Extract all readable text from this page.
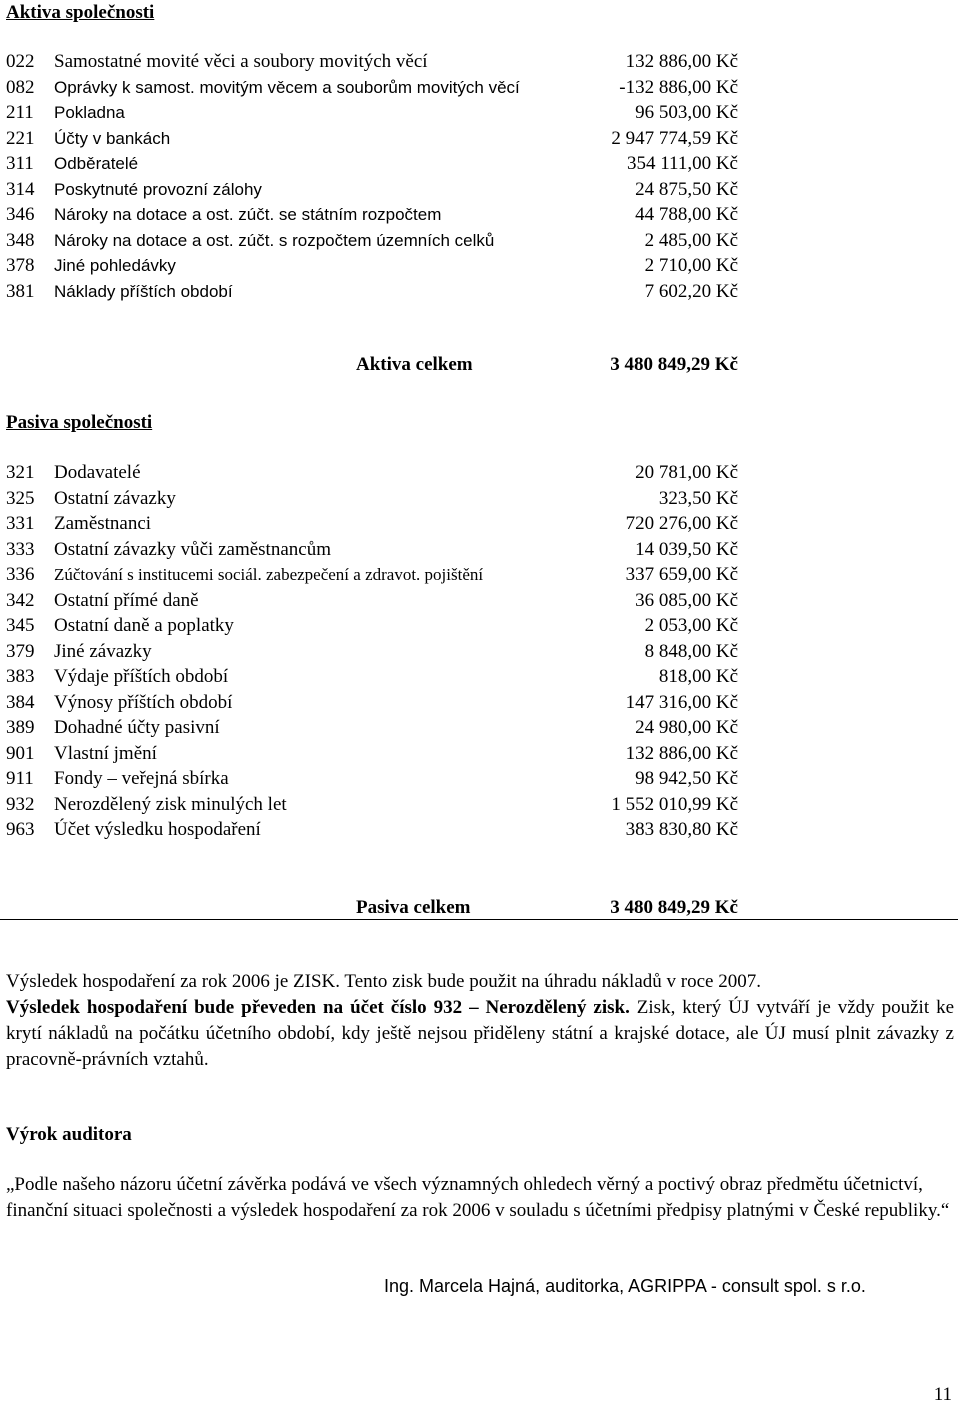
Aktiva společnosti
022 Samostatné movité věci a soubory movitých věcí	132 886,00 Kč
082 Oprávky k samost. movitým věcem a souborům movitých věcí	-132 886,00 Kč
211 Pokladna	96 503,00 Kč
221 Účty v bankách	2 947 774,59 Kč
311 Odběratelé	354 111,00 Kč
314 Poskytnuté provozní zálohy	24 875,50 Kč
346 Nároky na dotace a ost. zúčt. se státním rozpočtem	44 788,00 Kč
348 Nároky na dotace a ost. zúčt. s rozpočtem územních celků	2 485,00 Kč
378 Jiné pohledávky	2 710,00 Kč
381 Náklady příštích období	7 602,20 Kč
Aktiva celkem	3 480 849,29 Kč
Pasiva společnosti
321 Dodavatelé	20 781,00 Kč
325 Ostatní závazky	323,50 Kč
331 Zaměstnanci	720 276,00 Kč
333 Ostatní závazky vůči zaměstnancům	14 039,50 Kč
336 Zúčtování s institucemi sociál. zabezpečení a zdravot. pojištění	337 659,00 Kč
342 Ostatní přímé daně	36 085,00 Kč
345 Ostatní daně a poplatky	2 053,00 Kč
379 Jiné závazky	8 848,00 Kč
383 Výdaje příštích období	818,00 Kč
384 Výnosy příštích období	147 316,00 Kč
389 Dohadné účty pasivní	24 980,00 Kč
901 Vlastní jmění	132 886,00 Kč
911 Fondy – veřejná sbírka	98 942,50 Kč
932 Nerozdělený zisk minulých let	1 552 010,99 Kč
963 Účet výsledku hospodaření	383 830,80 Kč
Pasiva celkem	3 480 849,29 Kč

Výsledek hospodaření za rok 2006 je ZISK. Tento zisk bude použit na úhradu nákladů v roce 2007.

Výsledek hospodaření bude převeden na účet číslo 932 – Nerozdělený zisk. Zisk, který ÚJ vytváří je vždy použit ke krytí nákladů na počátku účetního období, kdy ještě nejsou přiděleny státní a krajské dotace, ale ÚJ musí plnit závazky z pracovně-právních vztahů.

Výrok auditora
„Podle našeho názoru účetní závěrka podává ve všech významných ohledech věrný a poctivý obraz předmětu účetnictví, finanční situaci společnosti a výsledek hospodaření za rok 2006 v souladu s účetními předpisy platnými v České republiky.“
Ing. Marcela Hajná, auditorka, AGRIPPA - consult spol. s r.o.
11
